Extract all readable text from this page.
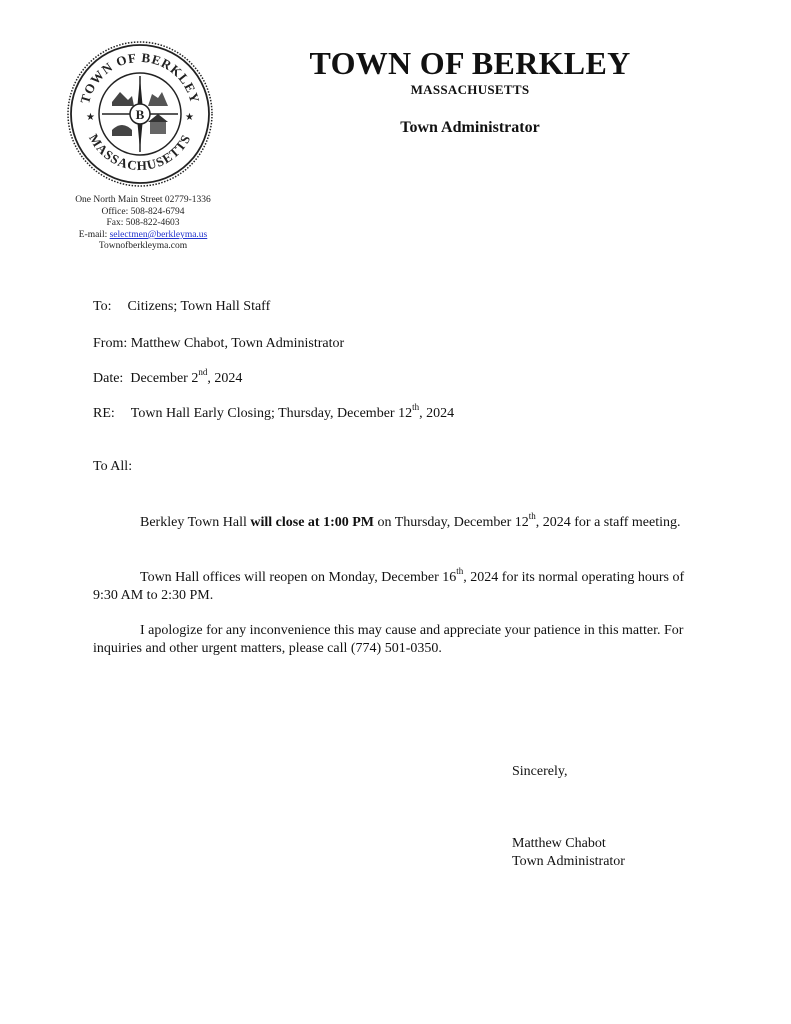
TOWN OF BERKLEY
MASSACHUSETTS
★	★
B
One North Main Street 02779-1336
Office: 508-824-6794
Fax: 508-822-4603
E-mail: selectmen@berkleyma.us
Townofberkleyma.com
TOWN OF BERKLEY
MASSACHUSETTS
Town Administrator
To: Citizens; Town Hall Staff
From: Matthew Chabot, Town Administrator
Date: December 2nd, 2024
RE: Town Hall Early Closing; Thursday, December 12th, 2024
To All:
Berkley Town Hall will close at 1:00 PM on Thursday, December 12th, 2024 for a staff meeting.
Town Hall offices will reopen on Monday, December 16th, 2024 for its normal operating hours of 9:30 AM to 2:30 PM.
I apologize for any inconvenience this may cause and appreciate your patience in this matter. For inquiries and other urgent matters, please call (774) 501-0350.
Sincerely,
Matthew Chabot
Town Administrator
